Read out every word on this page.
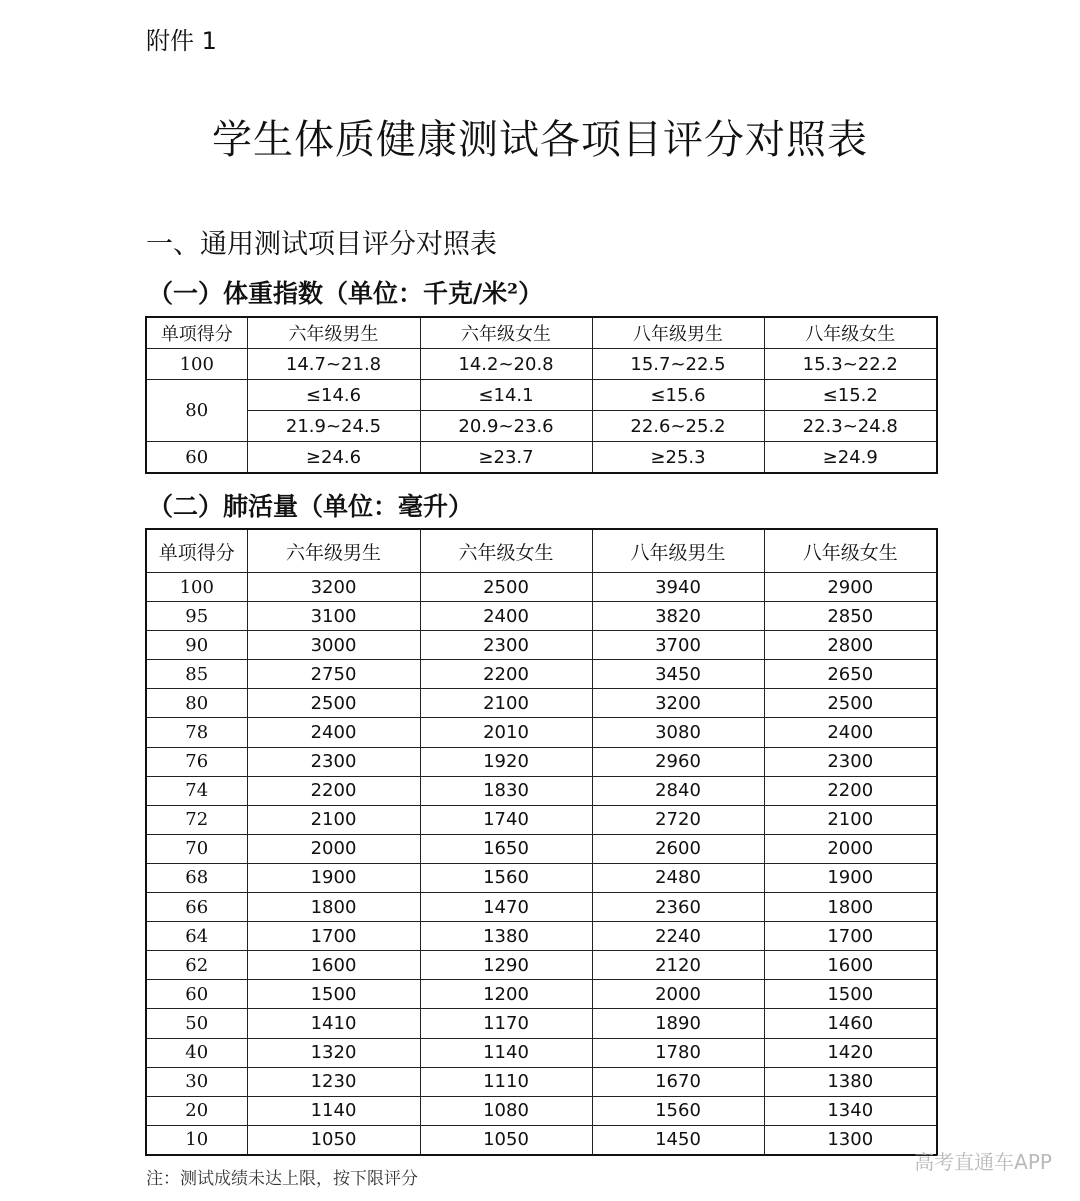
附件 1
学生体质健康测试各项目评分对照表
一、通用测试项目评分对照表
（一）体重指数（单位：千克/米²）
单项得分	六年级男生	六年级女生	八年级男生	八年级女生
100	14.7~21.8	14.2~20.8	15.7~22.5	15.3~22.2
80	≤14.6	≤14.1	≤15.6	≤15.2
	21.9~24.5	20.9~23.6	22.6~25.2	22.3~24.8
60	≥24.6	≥23.7	≥25.3	≥24.9
（二）肺活量（单位：毫升）
单项得分	六年级男生	六年级女生	八年级男生	八年级女生
100	3200	2500	3940	2900
95	3100	2400	3820	2850
90	3000	2300	3700	2800
85	2750	2200	3450	2650
80	2500	2100	3200	2500
78	2400	2010	3080	2400
76	2300	1920	2960	2300
74	2200	1830	2840	2200
72	2100	1740	2720	2100
70	2000	1650	2600	2000
68	1900	1560	2480	1900
66	1800	1470	2360	1800
64	1700	1380	2240	1700
62	1600	1290	2120	1600
60	1500	1200	2000	1500
50	1410	1170	1890	1460
40	1320	1140	1780	1420
30	1230	1110	1670	1380
20	1140	1080	1560	1340
10	1050	1050	1450	1300
注：测试成绩未达上限，按下限评分
高考直通车APP
